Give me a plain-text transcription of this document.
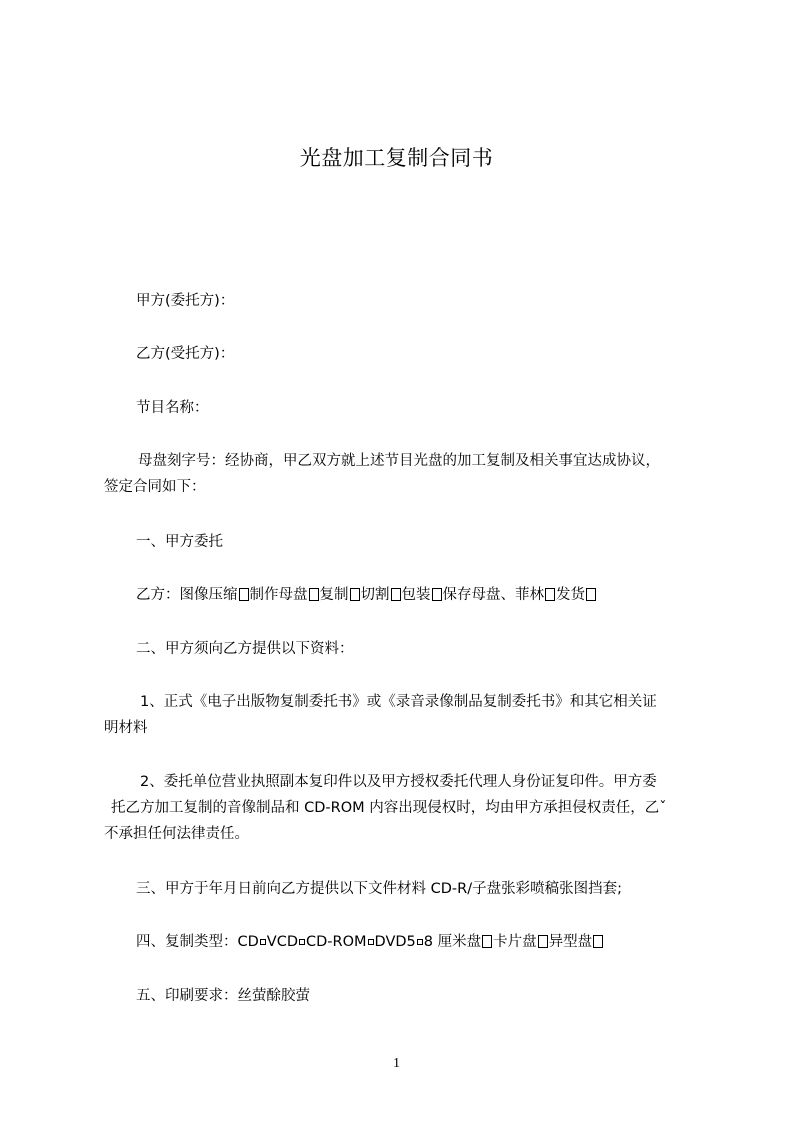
光盘加工复制合同书
甲方(委托方)：
乙方(受托方)：
节目名称：
母盘刻字号：经协商，甲乙双方就上述节目光盘的加工复制及相关事宜达成协议，
签定合同如下：
一、甲方委托
乙方：图像压缩 制作母盘 复制 切割 包装 保存母盘、菲林 发货
二、甲方须向乙方提供以下资料：
1、正式《电子出版物复制委托书》或《录音录像制品复制委托书》和其它相关证
明材料
2、委托单位营业执照副本复印件以及甲方授权委托代理人身份证复印件。甲方委
托乙方加工复制的音像制品和 CD-ROM 内容出现侵权时，均由甲方承担侵权责任，乙ˇ
不承担任何法律责任。
三、甲方于年月日前向乙方提供以下文件材料 CD-R/子盘张彩喷稿张图挡套;
四、复制类型：CD VCD CD-ROM DVD5 8 厘米盘 卡片盘 异型盘
五、印刷要求：丝萤酴胶萤
1
